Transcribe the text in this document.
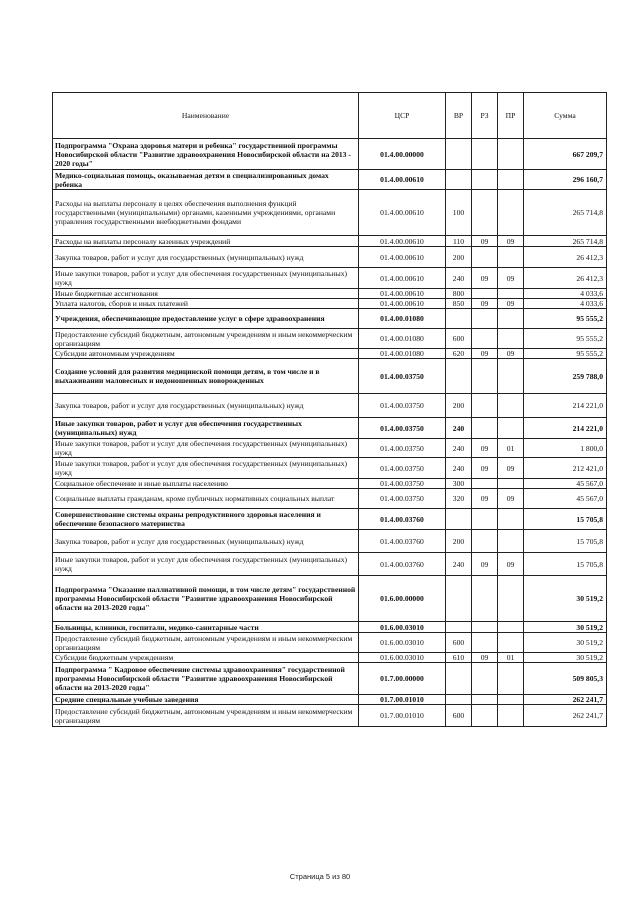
Наименование	ЦСР	ВР	РЗ	ПР	Сумма
Подпрограмма "Охрана здоровья матери и ребенка" государственной программы Новосибирской области "Развитие здравоохранения Новосибирской области на 2013 - 2020 годы"	01.4.00.00000				667 209,7
Медико-социальная помощь, оказываемая детям в специализированных домах ребенка	01.4.00.00610				296 160,7
Расходы на выплаты персоналу в целях обеспечения выполнения функций государственными (муниципальными) органами, казенными учреждениями, органами управления государственными внебюджетными фондами	01.4.00.00610	100			265 714,8
Расходы на выплаты персоналу казенных учреждений	01.4.00.00610	110	09	09	265 714,8
Закупка товаров, работ и услуг для государственных (муниципальных) нужд	01.4.00.00610	200			26 412,3
Иные закупки товаров, работ и услуг для обеспечения государственных (муниципальных) нужд	01.4.00.00610	240	09	09	26 412,3
Иные бюджетные ассигнования	01.4.00.00610	800			4 033,6
Уплата налогов, сборов и иных платежей	01.4.00.00610	850	09	09	4 033,6
Учреждения, обеспечивающие предоставление услуг в сфере здравоохранения	01.4.00.01080				95 555,2
Предоставление субсидий бюджетным, автономным учреждениям и иным некоммерческим организациям	01.4.00.01080	600			95 555,2
Субсидии автономным учреждениям	01.4.00.01080	620	09	09	95 555,2
Создание условий для развития медицинской помощи детям, в том числе и в выхаживании маловесных и недоношенных новорожденных	01.4.00.03750				259 788,0
Закупка товаров, работ и услуг для государственных (муниципальных) нужд	01.4.00.03750	200			214 221,0
Иные закупки товаров, работ и услуг для обеспечения государственных (муниципальных) нужд	01.4.00.03750	240			214 221,0
Иные закупки товаров, работ и услуг для обеспечения государственных (муниципальных) нужд	01.4.00.03750	240	09	01	1 800,0
Иные закупки товаров, работ и услуг для обеспечения государственных (муниципальных) нужд	01.4.00.03750	240	09	09	212 421,0
Социальное обеспечение и иные выплаты населению	01.4.00.03750	300			45 567,0
Социальные выплаты гражданам, кроме публичных нормативных социальных выплат	01.4.00.03750	320	09	09	45 567,0
Совершенствование системы охраны репродуктивного здоровья населения и обеспечение безопасного материнства	01.4.00.03760				15 705,8
Закупка товаров, работ и услуг для государственных (муниципальных) нужд	01.4.00.03760	200			15 705,8
Иные закупки товаров, работ и услуг для обеспечения государственных (муниципальных) нужд	01.4.00.03760	240	09	09	15 705,8
Подпрограмма "Оказание паллиативной помощи, в том числе детям" государственной программы Новосибирской области "Развитие здравоохранения Новосибирской области на 2013-2020 годы"	01.6.00.00000				30 519,2
Больницы, клиники, госпитали, медико-санитарные части	01.6.00.03010				30 519,2
Предоставление субсидий бюджетным, автономным учреждениям и иным некоммерческим организациям	01.6.00.03010	600			30 519,2
Субсидии бюджетным учреждениям	01.6.00.03010	610	09	01	30 519,2
Подпрограмма " Кадровое обеспечение системы здравоохранения" государственной программы Новосибирской области "Развитие здравоохранения Новосибирской области на 2013-2020 годы"	01.7.00.00000				509 805,3
Средние специальные учебные заведения	01.7.00.01010				262 241,7
Предоставление субсидий бюджетным, автономным учреждениям и иным некоммерческим организациям	01.7.00.01010	600			262 241,7
Страница 5 из 80
